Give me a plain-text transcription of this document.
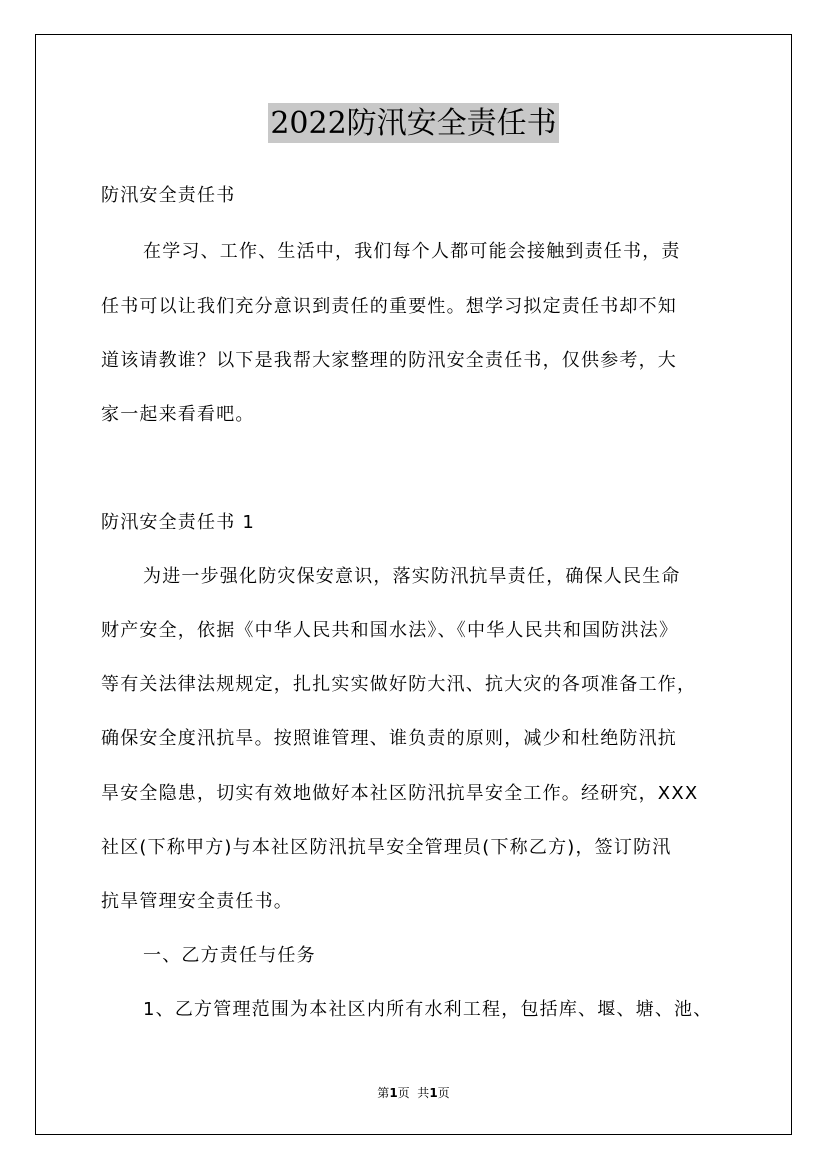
2022防汛安全责任书
防汛安全责任书
在学习、工作、生活中，我们每个人都可能会接触到责任书，责
任书可以让我们充分意识到责任的重要性。想学习拟定责任书却不知
道该请教谁？以下是我帮大家整理的防汛安全责任书，仅供参考，大
家一起来看看吧。
防汛安全责任书 1
为进一步强化防灾保安意识，落实防汛抗旱责任，确保人民生命
财产安全，依据《中华人民共和国水法》、《中华人民共和国防洪法》
等有关法律法规规定，扎扎实实做好防大汛、抗大灾的各项准备工作，
确保安全度汛抗旱。按照谁管理、谁负责的原则，减少和杜绝防汛抗
旱安全隐患，切实有效地做好本社区防汛抗旱安全工作。经研究，XXX
社区(下称甲方)与本社区防汛抗旱安全管理员(下称乙方)，签订防汛
抗旱管理安全责任书。
一、乙方责任与任务
1、乙方管理范围为本社区内所有水利工程，包括库、堰、塘、池、
第1页  共1页
